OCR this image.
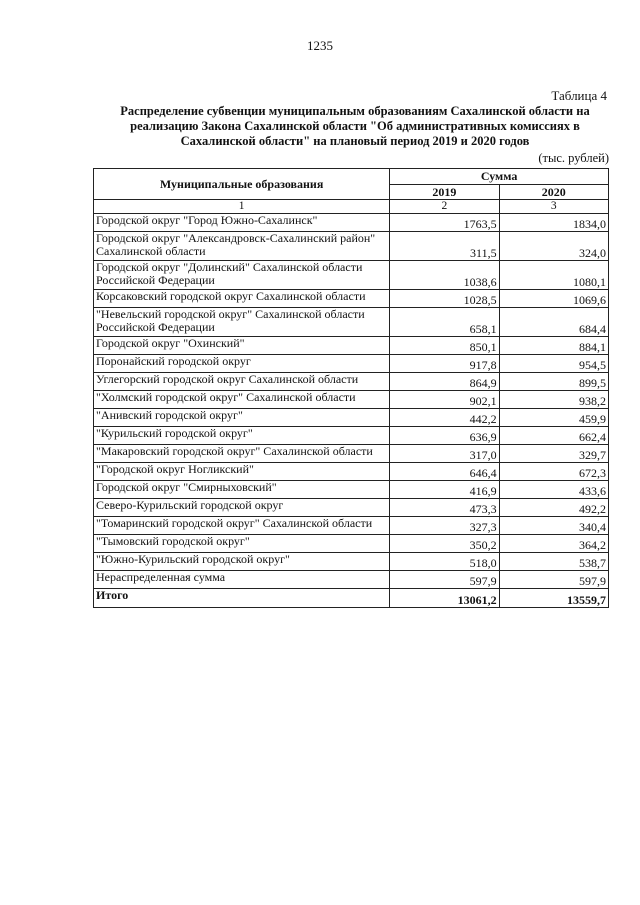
1235
Таблица 4
Распределение субвенции муниципальным образованиям Сахалинской области на реализацию Закона Сахалинской области "Об административных комиссиях в Сахалинской области" на плановый период 2019 и 2020 годов
(тыс. рублей)
Муниципальные образования	Сумма	
	2019	2020
1	2	3
Городской округ "Город Южно-Сахалинск"	1763,5	1834,0
Городской округ "Александровск-Сахалинский район" Сахалинской области	311,5	324,0
Городской округ "Долинский" Сахалинской области Российской Федерации	1038,6	1080,1
Корсаковский городской округ Сахалинской области	1028,5	1069,6
"Невельский городской округ" Сахалинской области Российской Федерации	658,1	684,4
Городской округ "Охинский"	850,1	884,1
Поронайский городской округ	917,8	954,5
Углегорский городской округ Сахалинской области	864,9	899,5
"Холмский городской округ" Сахалинской области	902,1	938,2
"Анивский городской округ"	442,2	459,9
"Курильский городской округ"	636,9	662,4
"Макаровский городской округ" Сахалинской области	317,0	329,7
"Городской округ Ногликский"	646,4	672,3
Городской округ "Смирныховский"	416,9	433,6
Северо-Курильский городской округ	473,3	492,2
"Томаринский городской округ" Сахалинской области	327,3	340,4
"Тымовский городской округ"	350,2	364,2
"Южно-Курильский городской округ"	518,0	538,7
Нераспределенная сумма	597,9	597,9
Итого	13061,2	13559,7
